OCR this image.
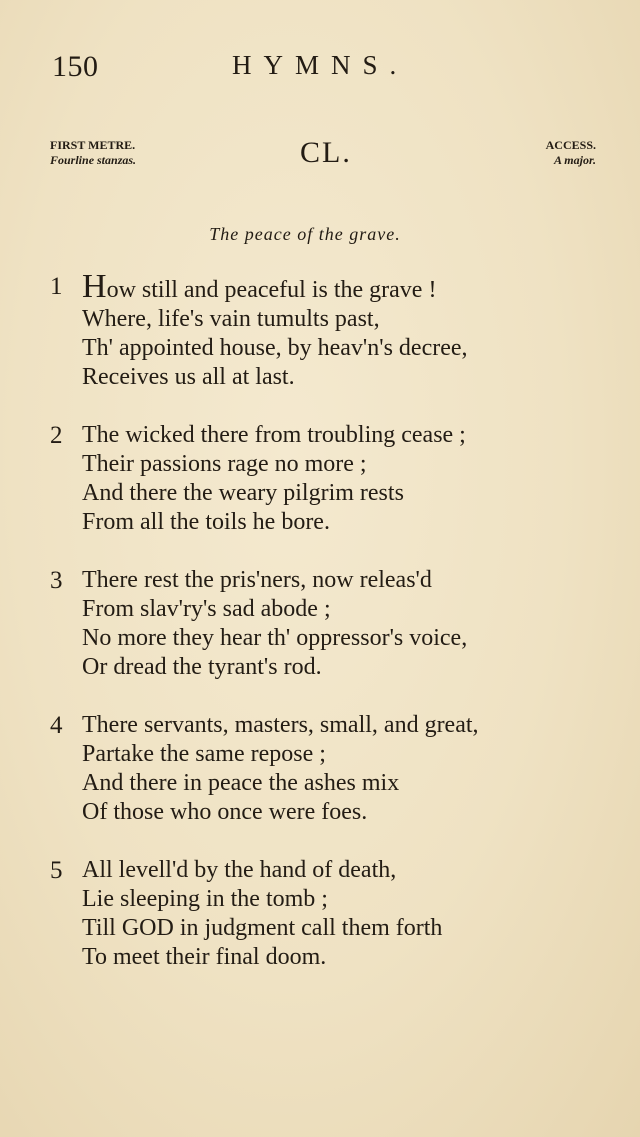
150	HYMNS.
FIRST METRE.
Fourline stanzas.	CL.	ACCESS.
A major.
The peace of the grave.
1 How still and peaceful is the grave !
Where, life's vain tumults past,
Th' appointed house, by heav'n's decree,
Receives us all at last.
2 The wicked there from troubling cease ;
Their passions rage no more ;
And there the weary pilgrim rests
From all the toils he bore.
3 There rest the pris'ners, now releas'd
From slav'ry's sad abode ;
No more they hear th' oppressor's voice,
Or dread the tyrant's rod.
4 There servants, masters, small, and great,
Partake the same repose ;
And there in peace the ashes mix
Of those who once were foes.
5 All levell'd by the hand of death,
Lie sleeping in the tomb ;
Till GOD in judgment call them forth
To meet their final doom.
